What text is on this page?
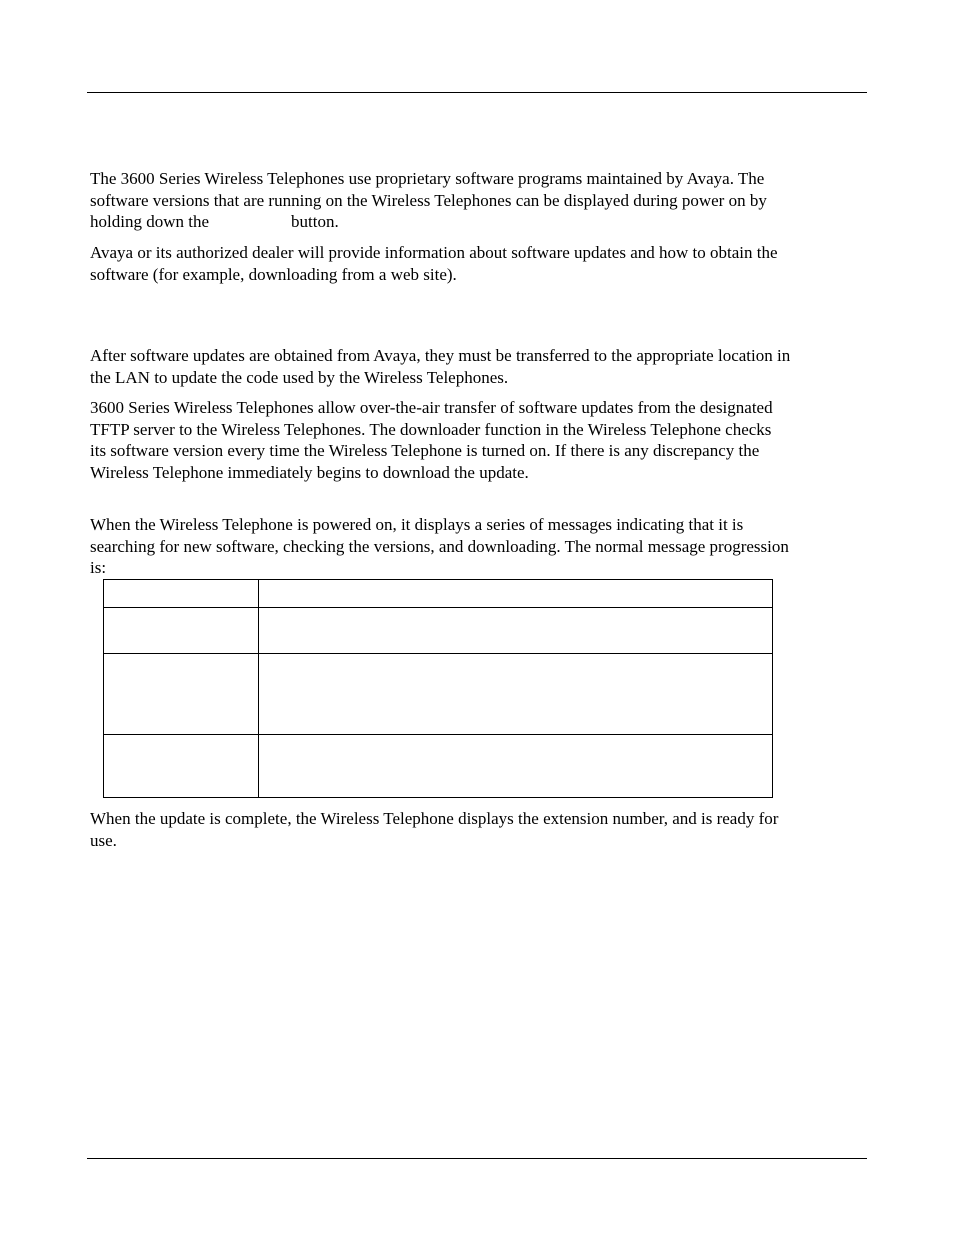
The 3600 Series Wireless Telephones use proprietary software programs maintained by Avaya. The
software versions that are running on the Wireless Telephones can be displayed during power on by
holding down the	button.

Avaya or its authorized dealer will provide information about software updates and how to obtain the
software (for example, downloading from a web site).

After software updates are obtained from Avaya, they must be transferred to the appropriate location in
the LAN to update the code used by the Wireless Telephones.

3600 Series Wireless Telephones allow over-the-air transfer of software updates from the designated
TFTP server to the Wireless Telephones. The downloader function in the Wireless Telephone checks
its software version every time the Wireless Telephone is turned on. If there is any discrepancy the
Wireless Telephone immediately begins to download the update.

When the Wireless Telephone is powered on, it displays a series of messages indicating that it is
searching for new software, checking the versions, and downloading. The normal message progression
is:

When the update is complete, the Wireless Telephone displays the extension number, and is ready for
use.
